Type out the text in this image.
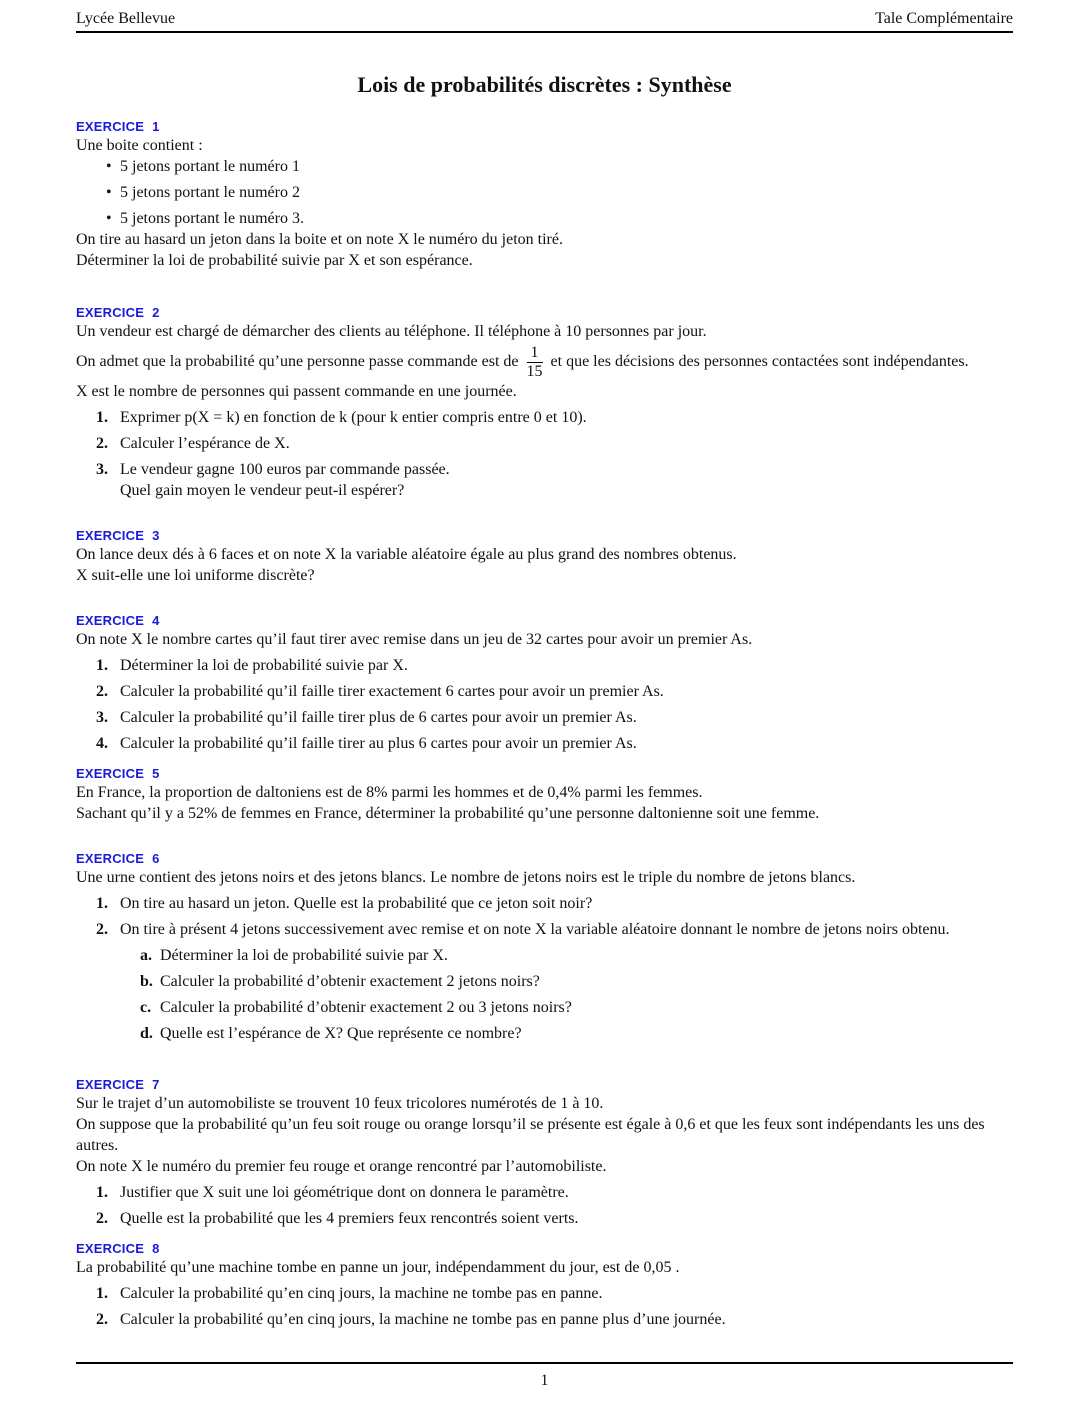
Lycée Bellevue	Tale Complémentaire
Lois de probabilités discrètes : Synthèse
EXERCICE 1

Une boite contient :

• 5 jetons portant le numéro 1
• 5 jetons portant le numéro 2
• 5 jetons portant le numéro 3.

On tire au hasard un jeton dans la boite et on note X le numéro du jeton tiré.

Déterminer la loi de probabilité suivie par X et son espérance.

EXERCICE 2

Un vendeur est chargé de démarcher des clients au téléphone. Il téléphone à 10 personnes par jour.

On admet que la probabilité qu’une personne passe commande est de $\frac{1}{15}$ et que les décisions des personnes contactées sont indépendantes.

X est le nombre de personnes qui passent commande en une journée.

1. Exprimer p(X = k) en fonction de k (pour k entier compris entre 0 et 10).
2. Calculer l’espérance de X.
3. Le vendeur gagne 100 euros par commande passée.
Quel gain moyen le vendeur peut-il espérer?
EXERCICE 3

On lance deux dés à 6 faces et on note X la variable aléatoire égale au plus grand des nombres obtenus.

X suit-elle une loi uniforme discrète?

EXERCICE 4

On note X le nombre cartes qu’il faut tirer avec remise dans un jeu de 32 cartes pour avoir un premier As.

1. Déterminer la loi de probabilité suivie par X.
2. Calculer la probabilité qu’il faille tirer exactement 6 cartes pour avoir un premier As.
3. Calculer la probabilité qu’il faille tirer plus de 6 cartes pour avoir un premier As.
4. Calculer la probabilité qu’il faille tirer au plus 6 cartes pour avoir un premier As.
EXERCICE 5

En France, la proportion de daltoniens est de 8% parmi les hommes et de 0,4% parmi les femmes.

Sachant qu’il y a 52% de femmes en France, déterminer la probabilité qu’une personne daltonienne soit une femme.

EXERCICE 6

Une urne contient des jetons noirs et des jetons blancs. Le nombre de jetons noirs est le triple du nombre de jetons blancs.

1. On tire au hasard un jeton. Quelle est la probabilité que ce jeton soit noir?
2. On tire à présent 4 jetons successivement avec remise et on note X la variable aléatoire donnant le nombre de jetons noirs obtenu.
a. Déterminer la loi de probabilité suivie par X.
b. Calculer la probabilité d’obtenir exactement 2 jetons noirs?
c. Calculer la probabilité d’obtenir exactement 2 ou 3 jetons noirs?
d. Quelle est l’espérance de X? Que représente ce nombre?
EXERCICE 7

Sur le trajet d’un automobiliste se trouvent 10 feux tricolores numérotés de 1 à 10.

On suppose que la probabilité qu’un feu soit rouge ou orange lorsqu’il se présente est égale à 0,6 et que les feux sont indépendants les uns des autres.

On note X le numéro du premier feu rouge et orange rencontré par l’automobiliste.

1. Justifier que X suit une loi géométrique dont on donnera le paramètre.
2. Quelle est la probabilité que les 4 premiers feux rencontrés soient verts.
EXERCICE 8

La probabilité qu’une machine tombe en panne un jour, indépendamment du jour, est de 0,05 .

1. Calculer la probabilité qu’en cinq jours, la machine ne tombe pas en panne.
2. Calculer la probabilité qu’en cinq jours, la machine ne tombe pas en panne plus d’une journée.
1
